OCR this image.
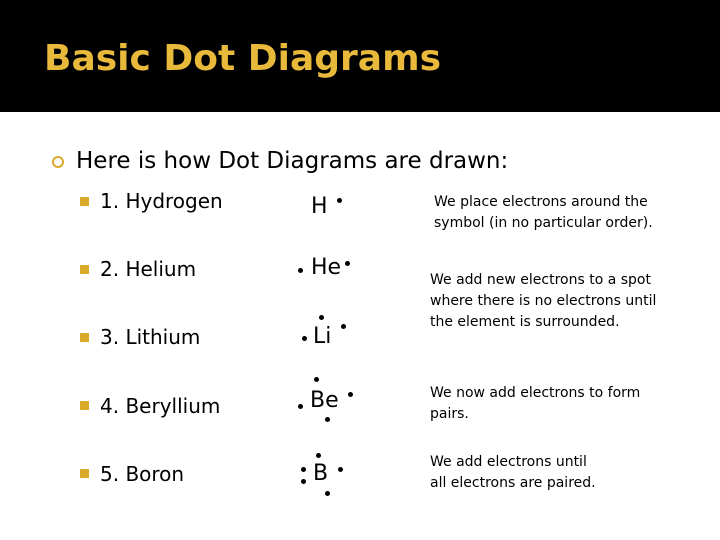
Basic Dot Diagrams
Here is how Dot Diagrams are drawn:
1. Hydrogen
2. Helium
3. Lithium
4. Beryllium
5. Boron
H
He
Li
Be
B
We place electrons around the
symbol (in no particular order).
We add new electrons to a spot
where there is no electrons until
the element is surrounded.
We now add electrons to form
pairs.
We add electrons until
all electrons are paired.
